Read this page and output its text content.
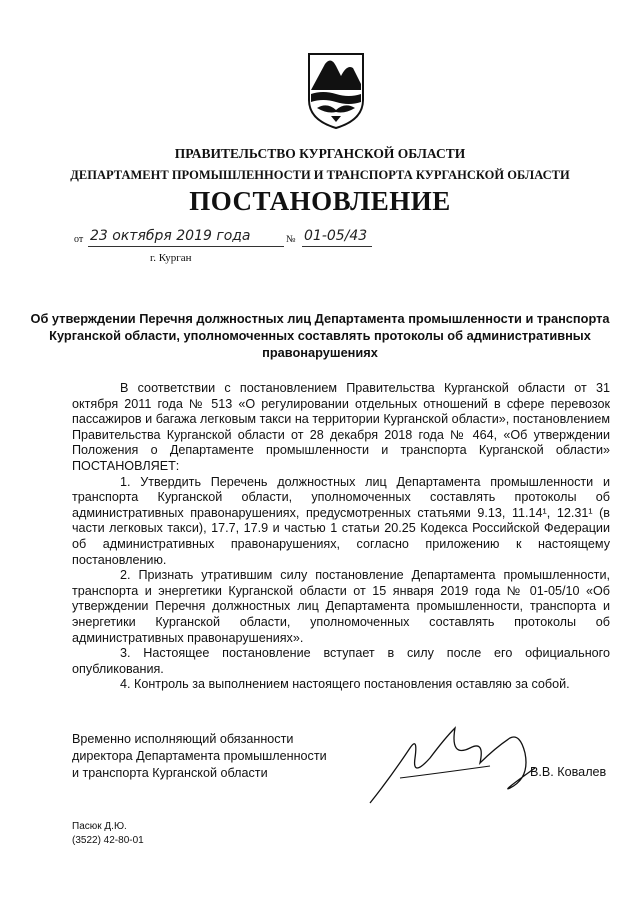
ПРАВИТЕЛЬСТВО КУРГАНСКОЙ ОБЛАСТИ
ДЕПАРТАМЕНТ ПРОМЫШЛЕННОСТИ И ТРАНСПОРТА КУРГАНСКОЙ ОБЛАСТИ
ПОСТАНОВЛЕНИЕ
от 23 октября 2019 года	№ 01-05/43
г. Курган
Об утверждении Перечня должностных лиц Департамента промышленности и транспорта Курганской области, уполномоченных составлять протоколы об административных правонарушениях

В соответствии с постановлением Правительства Курганской области от 31 октября 2011 года № 513 «О регулировании отдельных отношений в сфере перевозок пассажиров и багажа легковым такси на территории Курганской области», постановлением Правительства Курганской области от 28 декабря 2018 года № 464, «Об утверждении Положения о Департаменте промышленности и транспорта Курганской области» ПОСТАНОВЛЯЕТ:

1. Утвердить Перечень должностных лиц Департамента промышленности и транспорта Курганской области, уполномоченных составлять протоколы об административных правонарушениях, предусмотренных статьями 9.13, 11.14¹, 12.31¹ (в части легковых такси), 17.7, 17.9 и частью 1 статьи 20.25 Кодекса Российской Федерации об административных правонарушениях, согласно приложению к настоящему постановлению.

2. Признать утратившим силу постановление Департамента промышленности, транспорта и энергетики Курганской области от 15 января 2019 года № 01-05/10 «Об утверждении Перечня должностных лиц Департамента промышленности, транспорта и энергетики Курганской области, уполномоченных составлять протоколы об административных правонарушениях».

3. Настоящее постановление вступает в силу после его официального опубликования.

4. Контроль за выполнением настоящего постановления оставляю за собой.

Временно исполняющий обязанности
директора Департамента промышленности
и транспорта Курганской области	В.В. Ковалев
Пасюк Д.Ю.
(3522) 42-80-01
